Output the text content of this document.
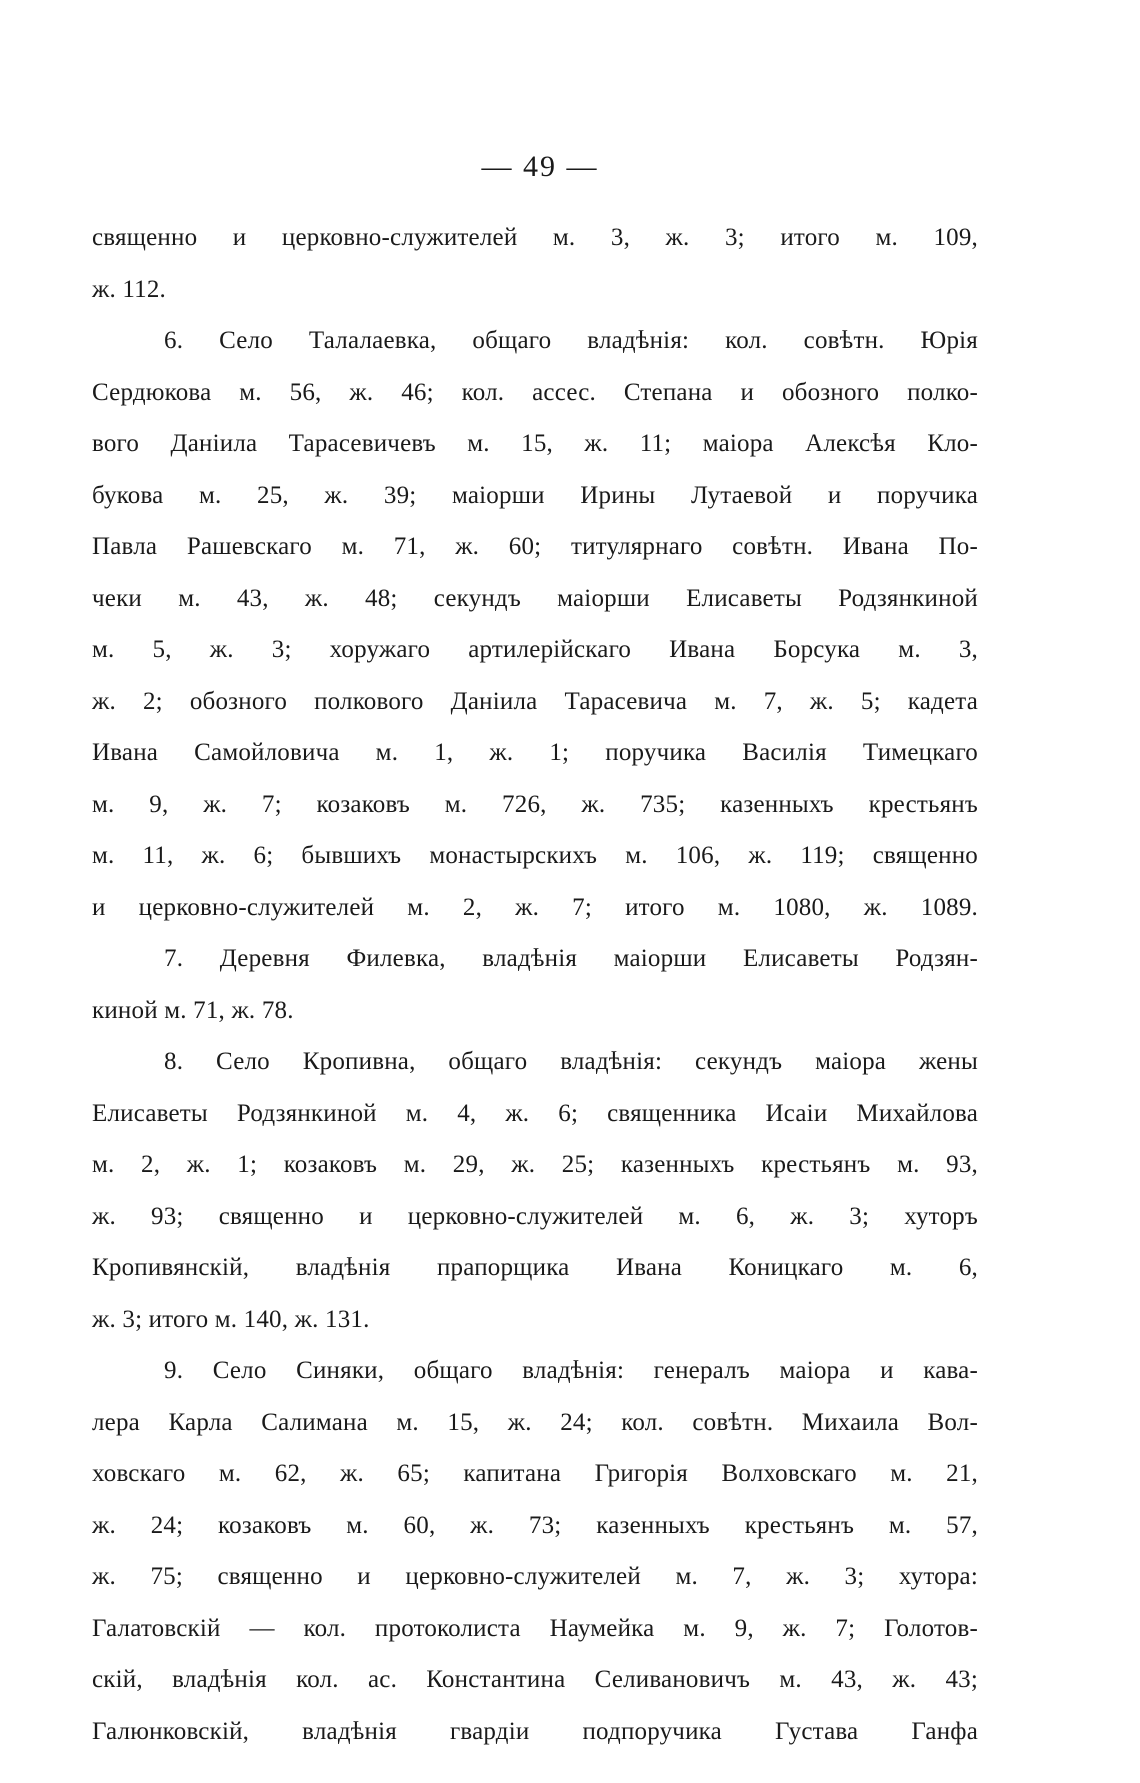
— 49 —
священно и церковно-служителей м. 3, ж. 3; итого м. 109,
ж. 112.
6. Село Талалаевка, общаго владѣнія: кол. совѣтн. Юрія
Сердюкова м. 56, ж. 46; кол. ассес. Степана и обозного полко-
вого Даніила Тарасевичевъ м. 15, ж. 11; маіора Алексѣя Кло-
букова м. 25, ж. 39; маіорши Ирины Лутаевой и поручика
Павла Рашевскаго м. 71, ж. 60; титулярнаго совѣтн. Ивана По-
чеки м. 43, ж. 48; секундъ маіорши Елисаветы Родзянкиной
м. 5, ж. 3; хоружаго артилерійскаго Ивана Борсука м. 3,
ж. 2; обозного полкового Даніила Тарасевича м. 7, ж. 5; кадета
Ивана Самойловича м. 1, ж. 1; поручика Василія Тимецкаго
м. 9, ж. 7; козаковъ м. 726, ж. 735; казенныхъ крестьянъ
м. 11, ж. 6; бывшихъ монастырскихъ м. 106, ж. 119; священно
и церковно-служителей м. 2, ж. 7; итого м. 1080, ж. 1089.
7. Деревня Филевка, владѣнія маіорши Елисаветы Родзян-
киной м. 71, ж. 78.
8. Село Кропивна, общаго владѣнія: секундъ маіора жены
Елисаветы Родзянкиной м. 4, ж. 6; священника Исаіи Михайлова
м. 2, ж. 1; козаковъ м. 29, ж. 25; казенныхъ крестьянъ м. 93,
ж. 93; священно и церковно-служителей м. 6, ж. 3; хуторъ
Кропивянскій, владѣнія прапорщика Ивана Коницкаго м. 6,
ж. 3; итого м. 140, ж. 131.
9. Село Синяки, общаго владѣнія: генералъ маіора и кава-
лера Карла Салимана м. 15, ж. 24; кол. совѣтн. Михаила Вол-
ховскаго м. 62, ж. 65; капитана Григорія Волховскаго м. 21,
ж. 24; козаковъ м. 60, ж. 73; казенныхъ крестьянъ м. 57,
ж. 75; священно и церковно-служителей м. 7, ж. 3; хутора:
Галатовскій — кол. протоколиста Наумейка м. 9, ж. 7; Голотов-
скій, владѣнія кол. ас. Константина Селивановичъ м. 43, ж. 43;
Галюнковскій, владѣнія гвардіи подпоручика Густава Ганфа
